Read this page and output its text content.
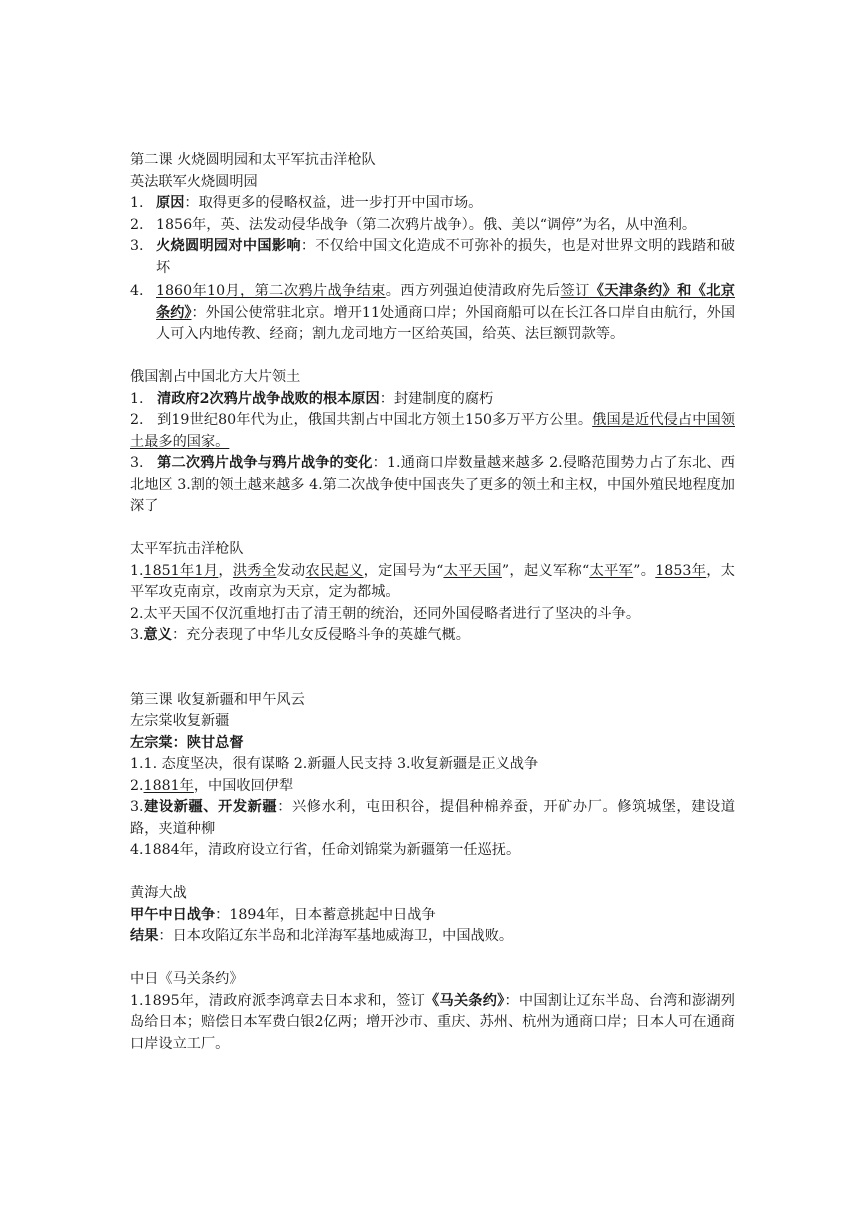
第二课 火烧圆明园和太平军抗击洋枪队
英法联军火烧圆明园
1. 原因：取得更多的侵略权益，进一步打开中国市场。
2. 1856年，英、法发动侵华战争（第二次鸦片战争）。俄、美以“调停”为名，从中渔利。
3. 火烧圆明园对中国影响：不仅给中国文化造成不可弥补的损失，也是对世界文明的践踏和破坏
4. 1860年10月，第二次鸦片战争结束。西方列强迫使清政府先后签订《天津条约》和《北京条约》：外国公使常驻北京。增开11处通商口岸；外国商船可以在长江各口岸自由航行，外国人可入内地传教、经商；割九龙司地方一区给英国，给英、法巨额罚款等。
俄国割占中国北方大片领土
1. 清政府2次鸦片战争战败的根本原因：封建制度的腐朽
2. 到19世纪80年代为止，俄国共割占中国北方领土150多万平方公里。俄国是近代侵占中国领土最多的国家。
3. 第二次鸦片战争与鸦片战争的变化：1.通商口岸数量越来越多 2.侵略范围势力占了东北、西北地区 3.割的领土越来越多 4.第二次战争使中国丧失了更多的领土和主权，中国外殖民地程度加深了
太平军抗击洋枪队
1.1851年1月，洪秀全发动农民起义，定国号为“太平天国”，起义军称“太平军”。1853年，太平军攻克南京，改南京为天京，定为都城。
2.太平天国不仅沉重地打击了清王朝的统治，还同外国侵略者进行了坚决的斗争。
3.意义：充分表现了中华儿女反侵略斗争的英雄气概。
第三课 收复新疆和甲午风云
左宗棠收复新疆
左宗棠：陕甘总督
1.1. 态度坚决，很有谋略 2.新疆人民支持 3.收复新疆是正义战争
2.1881年，中国收回伊犁
3.建设新疆、开发新疆：兴修水利，屯田积谷，提倡种棉养蚕，开矿办厂。修筑城堡，建设道路，夹道种柳
4.1884年，清政府设立行省，任命刘锦棠为新疆第一任巡抚。
黄海大战
甲午中日战争：1894年，日本蓄意挑起中日战争
结果：日本攻陷辽东半岛和北洋海军基地威海卫，中国战败。
中日《马关条约》
1.1895年，清政府派李鸿章去日本求和，签订《马关条约》：中国割让辽东半岛、台湾和澎湖列岛给日本；赔偿日本军费白银2亿两；增开沙市、重庆、苏州、杭州为通商口岸；日本人可在通商口岸设立工厂。
